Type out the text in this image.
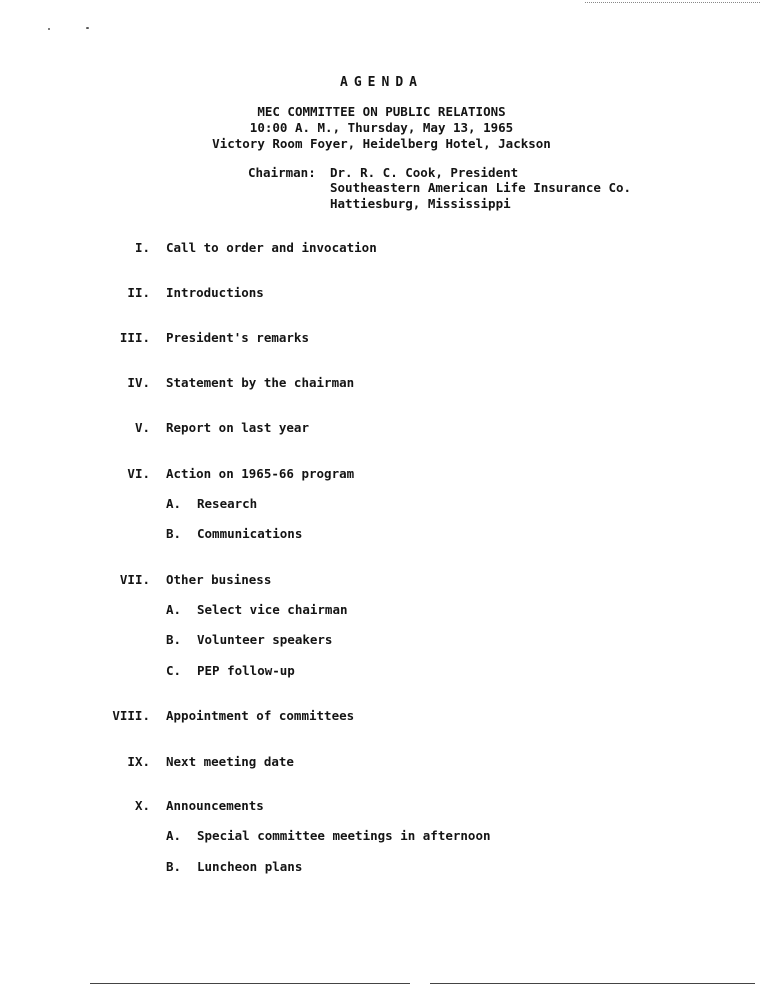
AGENDA
MEC COMMITTEE ON PUBLIC RELATIONS
10:00 A. M., Thursday, May 13, 1965
Victory Room Foyer, Heidelberg Hotel, Jackson
Chairman: Dr. R. C. Cook, President
Southeastern American Life Insurance Co.
Hattiesburg, Mississippi
I. Call to order and invocation
II. Introductions
III. President's remarks
IV. Statement by the chairman
V. Report on last year
VI. Action on 1965-66 program
A. Research
B. Communications
VII. Other business
A. Select vice chairman
B. Volunteer speakers
C. PEP follow-up
VIII. Appointment of committees
IX. Next meeting date
X. Announcements
A. Special committee meetings in afternoon
B. Luncheon plans
